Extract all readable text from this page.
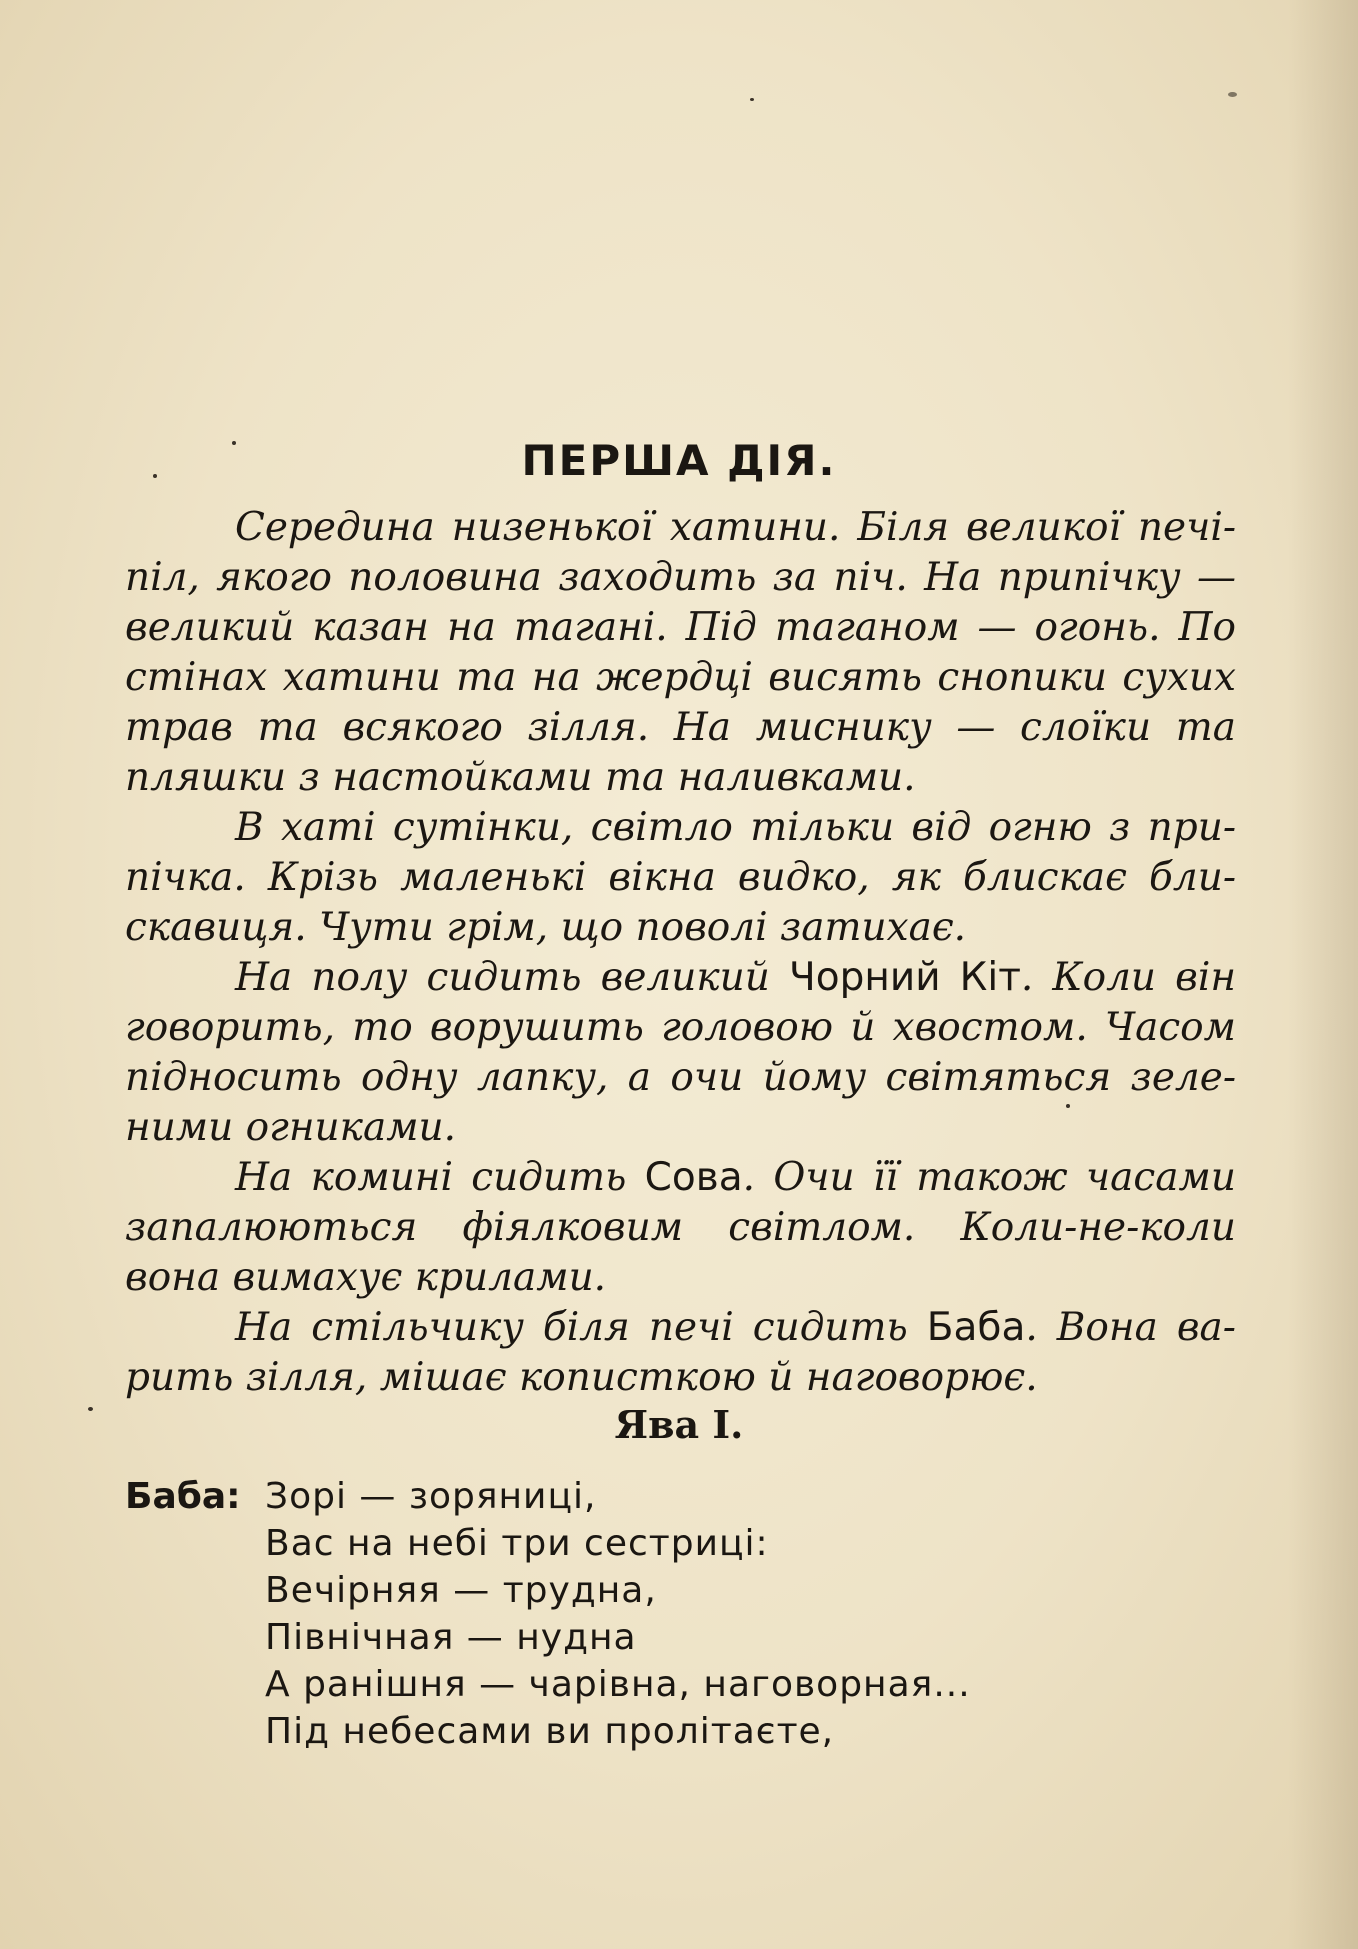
ПЕРША ДІЯ.

Середина низенької хатини. Біля великої печіпіл, якого половина заходить за піч. На припічку — великий казан на тагані. Під таганом — огонь. По стінах хатини та на жердці висять снопики сухих трав та всякого зілля. На миснику — слоїки та пляшки з настойками та наливками.

В хаті сутінки, світло тільки від огню з припічка. Крізь маленькі вікна видко, як блискає блискавиця. Чути грім, що поволі затихає.

На полу сидить великий Чорний Кіт. Коли він говорить, то ворушить головою й хвостом. Часом підносить одну лапку, а очи йому світяться зеленими огниками.

На комині сидить Сова. Очи її також часами запалюються фіялковим світлом. Коли-не-коли вона вимахує крилами.

На стільчику біля печі сидить Баба. Вона варить зілля, мішає кописткою й наговорює.

Ява I.
Баба: Зорі — зоряниці,
Вас на небі три сестриці:
Вечірняя — трудна,
Північная — нудна
А ранішня — чарівна, наговорная...
Під небесами ви пролітаєте,
